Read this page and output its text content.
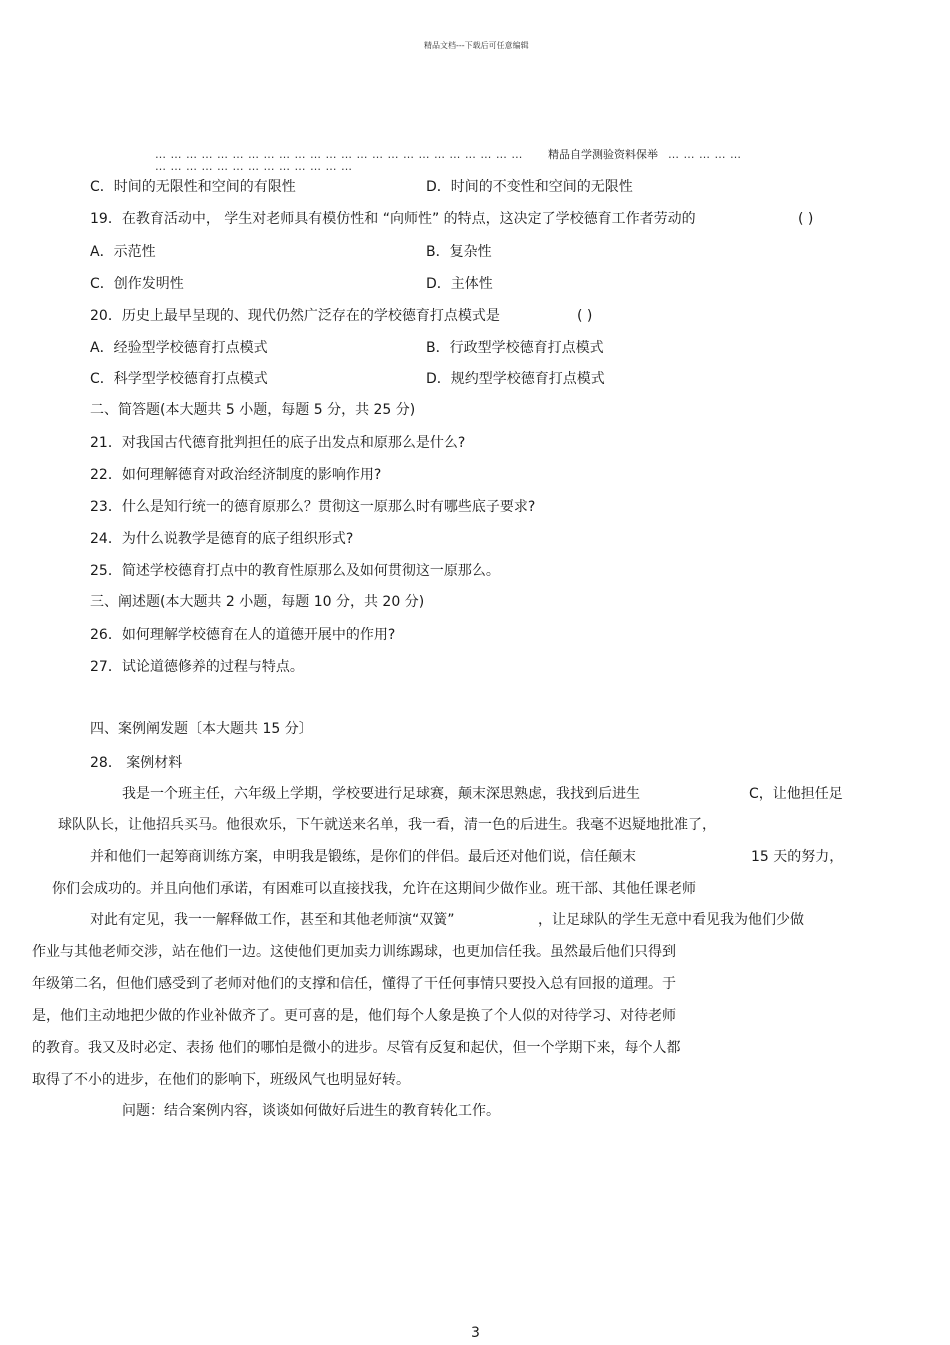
精品文档---下载后可任意编辑
… … … … … … … … … … … … … … … … … … … … … … … … 精品自学测验资料保举 … … … … …
… … … … … … … … … … … … …
C．时间的无限性和空间的有限性	D．时间的不变性和空间的无限性
19．在教育活动中， 学生对老师具有模仿性和 “向师性” 的特点，这决定了学校德育工作者劳动的	( )
A．示范性	B．复杂性
C．创作发明性	D．主体性
20．历史上最早呈现的、现代仍然广泛存在的学校德育打点模式是	( )
A．经验型学校德育打点模式	B．行政型学校德育打点模式
C．科学型学校德育打点模式	D．规约型学校德育打点模式
二、简答题(本大题共 5 小题，每题 5 分，共 25 分)
21．对我国古代德育批判担任的底子出发点和原那么是什么?
22．如何理解德育对政治经济制度的影响作用?
23．什么是知行统一的德育原那么？贯彻这一原那么时有哪些底子要求?
24．为什么说教学是德育的底子组织形式?
25．简述学校德育打点中的教育性原那么及如何贯彻这一原那么。
三、阐述题(本大题共 2 小题，每题 10 分，共 20 分)
26．如何理解学校德育在人的道德开展中的作用?
27．试论道德修养的过程与特点。
四、案例阐发题〔本大题共 15 分〕
28． 案例材料
我是一个班主任，六年级上学期，学校要进行足球赛，颠末深思熟虑，我找到后进生	C，让他担任足
球队队长，让他招兵买马。他很欢乐，下午就送来名单，我一看，清一色的后进生。我毫不迟疑地批准了，
并和他们一起筹商训练方案，申明我是锻练，是你们的伴侣。最后还对他们说，信任颠末	15 天的努力，
你们会成功的。并且向他们承诺，有困难可以直接找我，允许在这期间少做作业。班干部、其他任课老师
对此有定见，我一一解释做工作，甚至和其他老师演“双簧”	，让足球队的学生无意中看见我为他们少做
作业与其他老师交涉，站在他们一边。这使他们更加卖力训练踢球，也更加信任我。虽然最后他们只得到
年级第二名，但他们感受到了老师对他们的支撑和信任，懂得了干任何事情只要投入总有回报的道理。于
是，他们主动地把少做的作业补做齐了。更可喜的是，他们每个人象是换了个人似的对待学习、对待老师
的教育。我又及时必定、表扬 他们的哪怕是微小的进步。尽管有反复和起伏，但一个学期下来，每个人都
取得了不小的进步，在他们的影响下，班级风气也明显好转。
问题：结合案例内容，谈谈如何做好后进生的教育转化工作。
3
